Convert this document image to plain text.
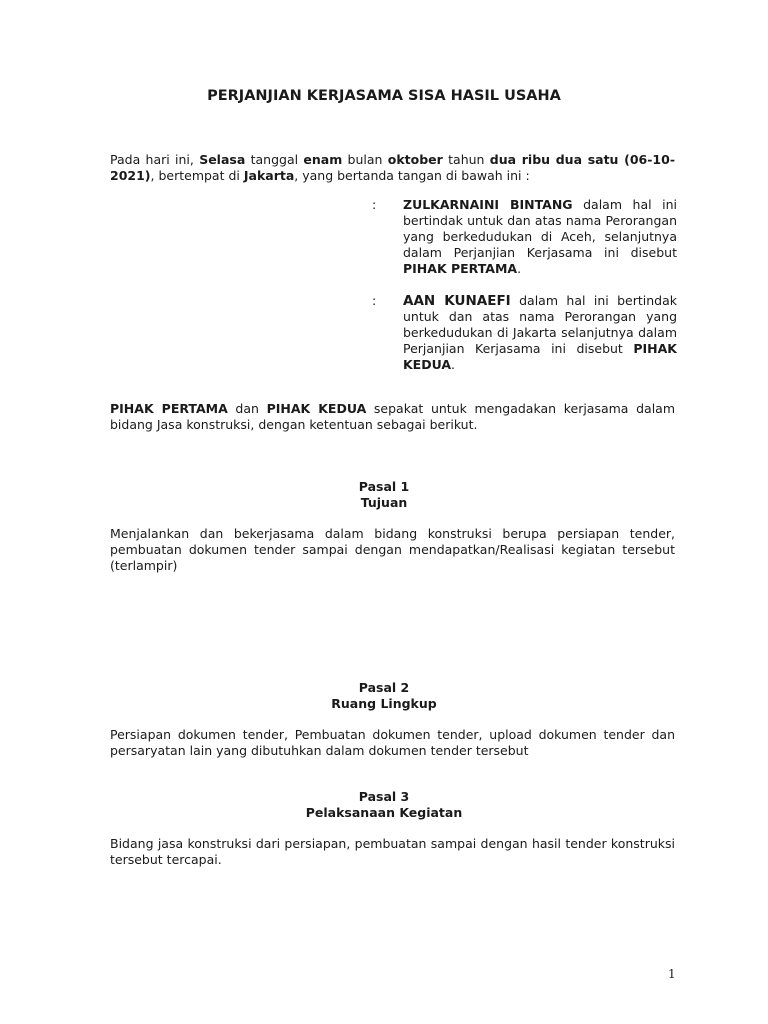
PERJANJIAN KERJASAMA SISA HASIL USAHA
Pada hari ini, Selasa tanggal enam bulan oktober tahun dua ribu dua satu (06-10-2021), bertempat di Jakarta, yang bertanda tangan di bawah ini :
: ZULKARNAINI BINTANG dalam hal ini bertindak untuk dan atas nama Perorangan yang berkedudukan di Aceh, selanjutnya dalam Perjanjian Kerjasama ini disebut PIHAK PERTAMA.
: AAN KUNAEFI dalam hal ini bertindak untuk dan atas nama Perorangan yang berkedudukan di Jakarta selanjutnya dalam Perjanjian Kerjasama ini disebut PIHAK KEDUA.
PIHAK PERTAMA dan PIHAK KEDUA sepakat untuk mengadakan kerjasama dalam bidang Jasa konstruksi, dengan ketentuan sebagai berikut.
Pasal 1
Tujuan
Menjalankan dan bekerjasama dalam bidang konstruksi berupa persiapan tender, pembuatan dokumen tender sampai dengan mendapatkan/Realisasi kegiatan tersebut (terlampir)
Pasal 2
Ruang Lingkup
Persiapan dokumen tender, Pembuatan dokumen tender, upload dokumen tender dan persaryatan lain yang dibutuhkan dalam dokumen tender tersebut
Pasal 3
Pelaksanaan Kegiatan
Bidang jasa konstruksi dari persiapan, pembuatan sampai dengan hasil tender konstruksi tersebut tercapai.
1
